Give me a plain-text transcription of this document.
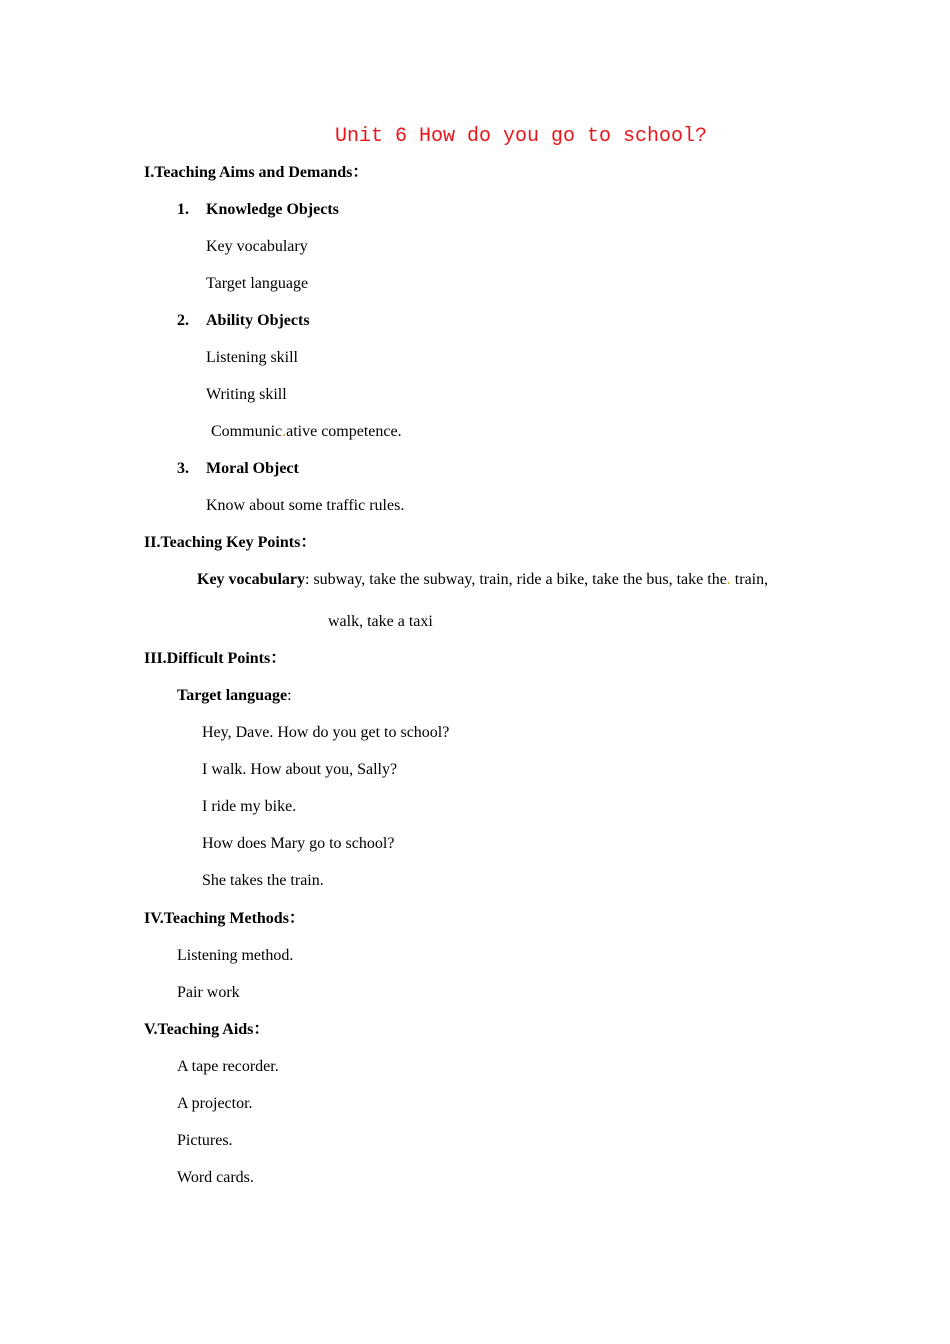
Unit 6 How do you go to school?
I.Teaching Aims and Demands：
1. Knowledge Objects
Key vocabulary
Target language
2. Ability Objects
Listening skill
Writing skill
Communic.ative competence.
3. Moral Object
Know about some traffic rules.
II.Teaching Key Points：
Key vocabulary: subway, take the subway, train, ride a bike, take the bus, take the. train,
walk, take a taxi
III.Difficult Points：
Target language:
Hey, Dave. How do you get to school?
I walk. How about you, Sally?
I ride my bike.
How does Mary go to school?
She takes the train.
IV.Teaching Methods：
Listening method.
Pair work
V.Teaching Aids：
A tape recorder.
A projector.
Pictures.
Word cards.
